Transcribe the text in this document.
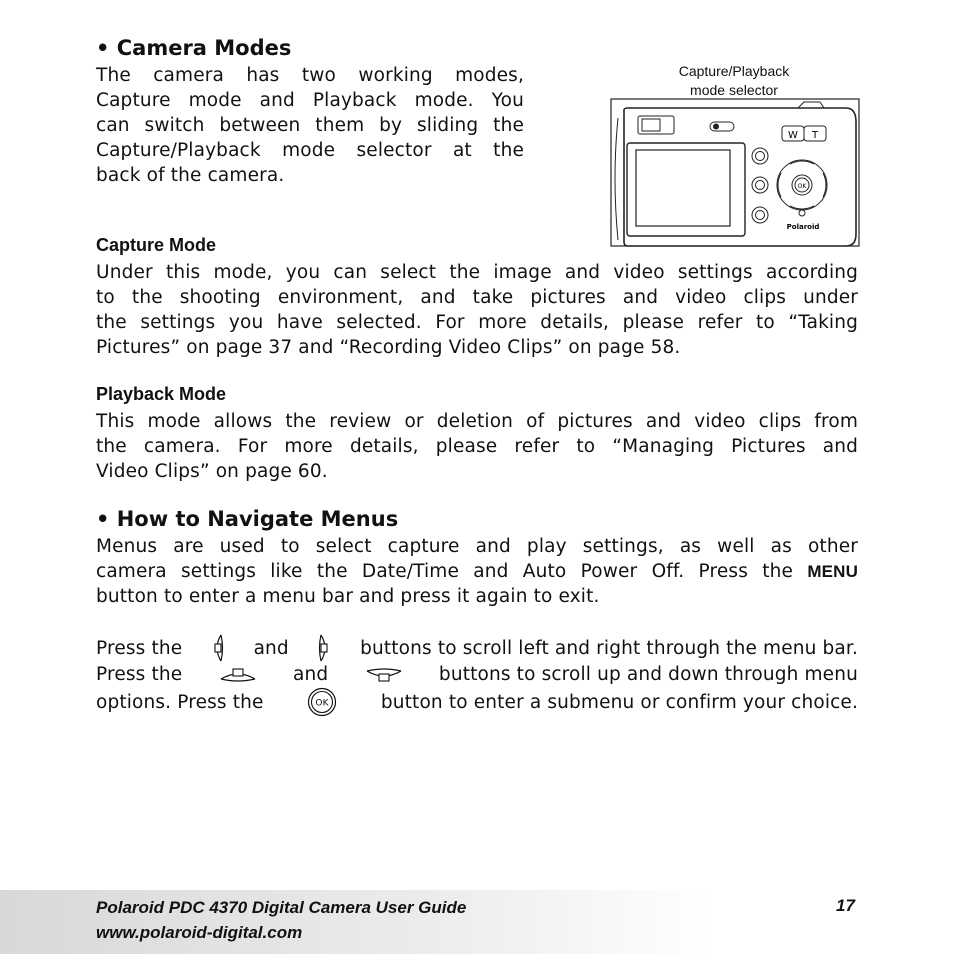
• Camera Modes
The camera has two working modes,
Capture mode and Playback mode. You
can switch between them by sliding the
Capture/Playback mode selector at the
back of the camera.
Capture/Playback
mode selector
W T
OK
Polaroid
Capture Mode
Under this mode, you can select the image and video settings according
to the shooting environment, and take pictures and video clips under
the settings you have selected. For more details, please refer to “Taking
Pictures” on page 37 and “Recording Video Clips” on page 58.
Playback Mode
This mode allows the review or deletion of pictures and video clips from
the camera. For more details, please refer to “Managing Pictures and
Video Clips” on page 60.
• How to Navigate Menus
Menus are used to select capture and play settings, as well as other
camera settings like the Date/Time and Auto Power Off. Press the MENU
button to enter a menu bar and press it again to exit.
Press the	and	buttons to scroll left and right through the menu bar.
Press the	and	buttons to scroll up and down through menu
options. Press the	OK	button to enter a submenu or confirm your choice.
Polaroid PDC 4370 Digital Camera User Guide
www.polaroid-digital.com
17
